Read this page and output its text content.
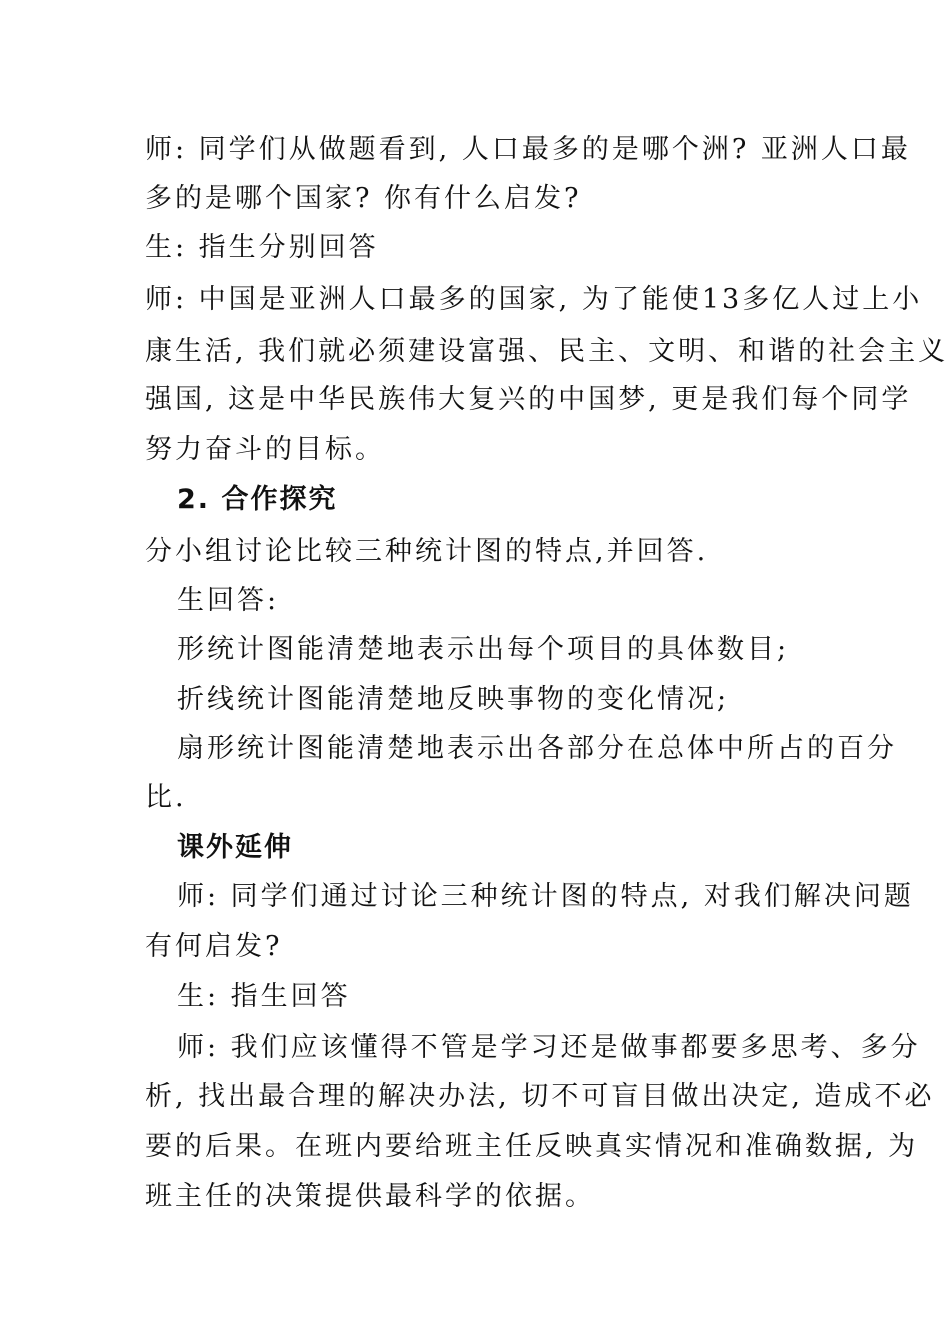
师: 同学们从做题看到, 人口最多的是哪个洲? 亚洲人口最
多的是哪个国家? 你有什么启发?
生: 指生分别回答
师: 中国是亚洲人口最多的国家, 为了能使13多亿人过上小
康生活, 我们就必须建设富强、民主、文明、和谐的社会主义
强国, 这是中华民族伟大复兴的中国梦, 更是我们每个同学
努力奋斗的目标。
2. 合作探究
分小组讨论比较三种统计图的特点,并回答.
生回答:
形统计图能清楚地表示出每个项目的具体数目;
折线统计图能清楚地反映事物的变化情况;
扇形统计图能清楚地表示出各部分在总体中所占的百分
比.
课外延伸
师: 同学们通过讨论三种统计图的特点, 对我们解决问题
有何启发?
生: 指生回答
师: 我们应该懂得不管是学习还是做事都要多思考、多分
析, 找出最合理的解决办法, 切不可盲目做出决定, 造成不必
要的后果。在班内要给班主任反映真实情况和准确数据, 为
班主任的决策提供最科学的依据。
